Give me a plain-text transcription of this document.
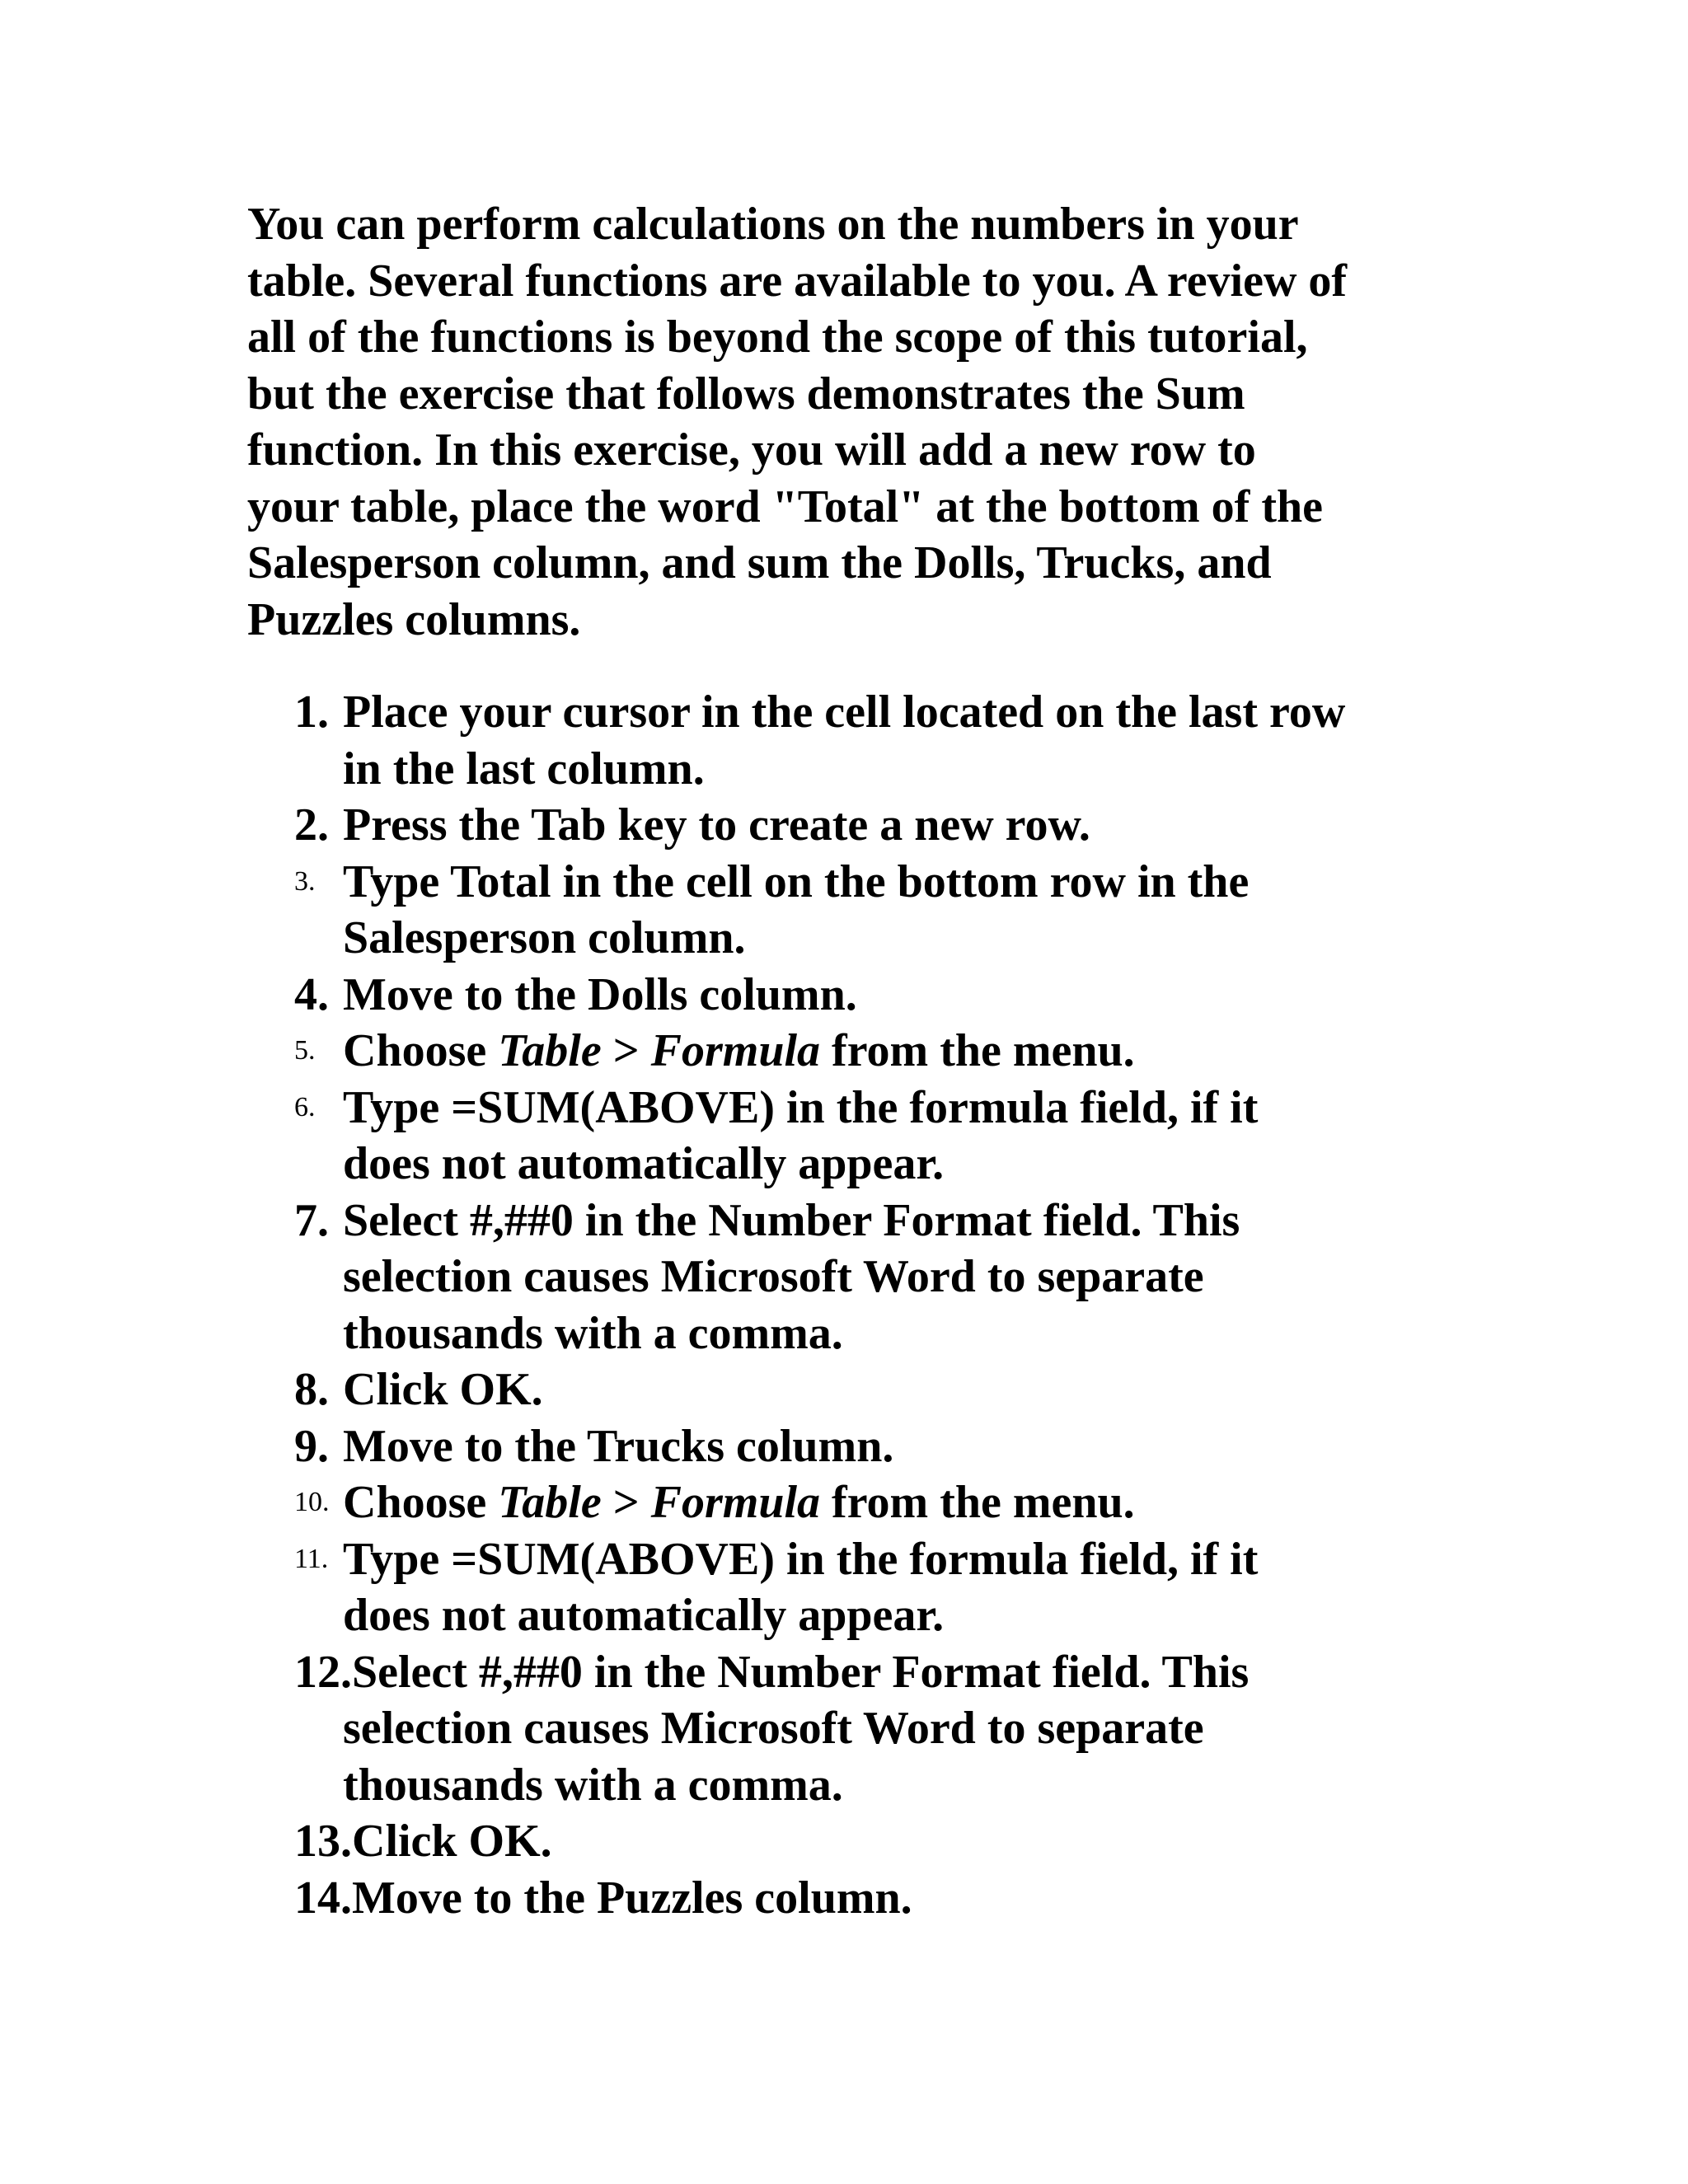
You can perform calculations on the numbers in your
table. Several functions are available to you. A review of
all of the functions is beyond the scope of this tutorial,
but the exercise that follows demonstrates the Sum
function. In this exercise, you will add a new row to
your table, place the word "Total" at the bottom of the
Salesperson column, and sum the Dolls, Trucks, and
Puzzles columns.

1. Place your cursor in the cell located on the last row
in the last column.
2. Press the Tab key to create a new row.
3. Type Total in the cell on the bottom row in the
Salesperson column.
4. Move to the Dolls column.
5. Choose Table > Formula from the menu.
6. Type =SUM(ABOVE) in the formula field, if it
does not automatically appear.
7. Select #,##0 in the Number Format field. This
selection causes Microsoft Word to separate
thousands with a comma.
8. Click OK.
9. Move to the Trucks column.
10. Choose Table > Formula from the menu.
11. Type =SUM(ABOVE) in the formula field, if it
does not automatically appear.
12.Select #,##0 in the Number Format field. This
selection causes Microsoft Word to separate
thousands with a comma.
13.Click OK.
14.Move to the Puzzles column.
